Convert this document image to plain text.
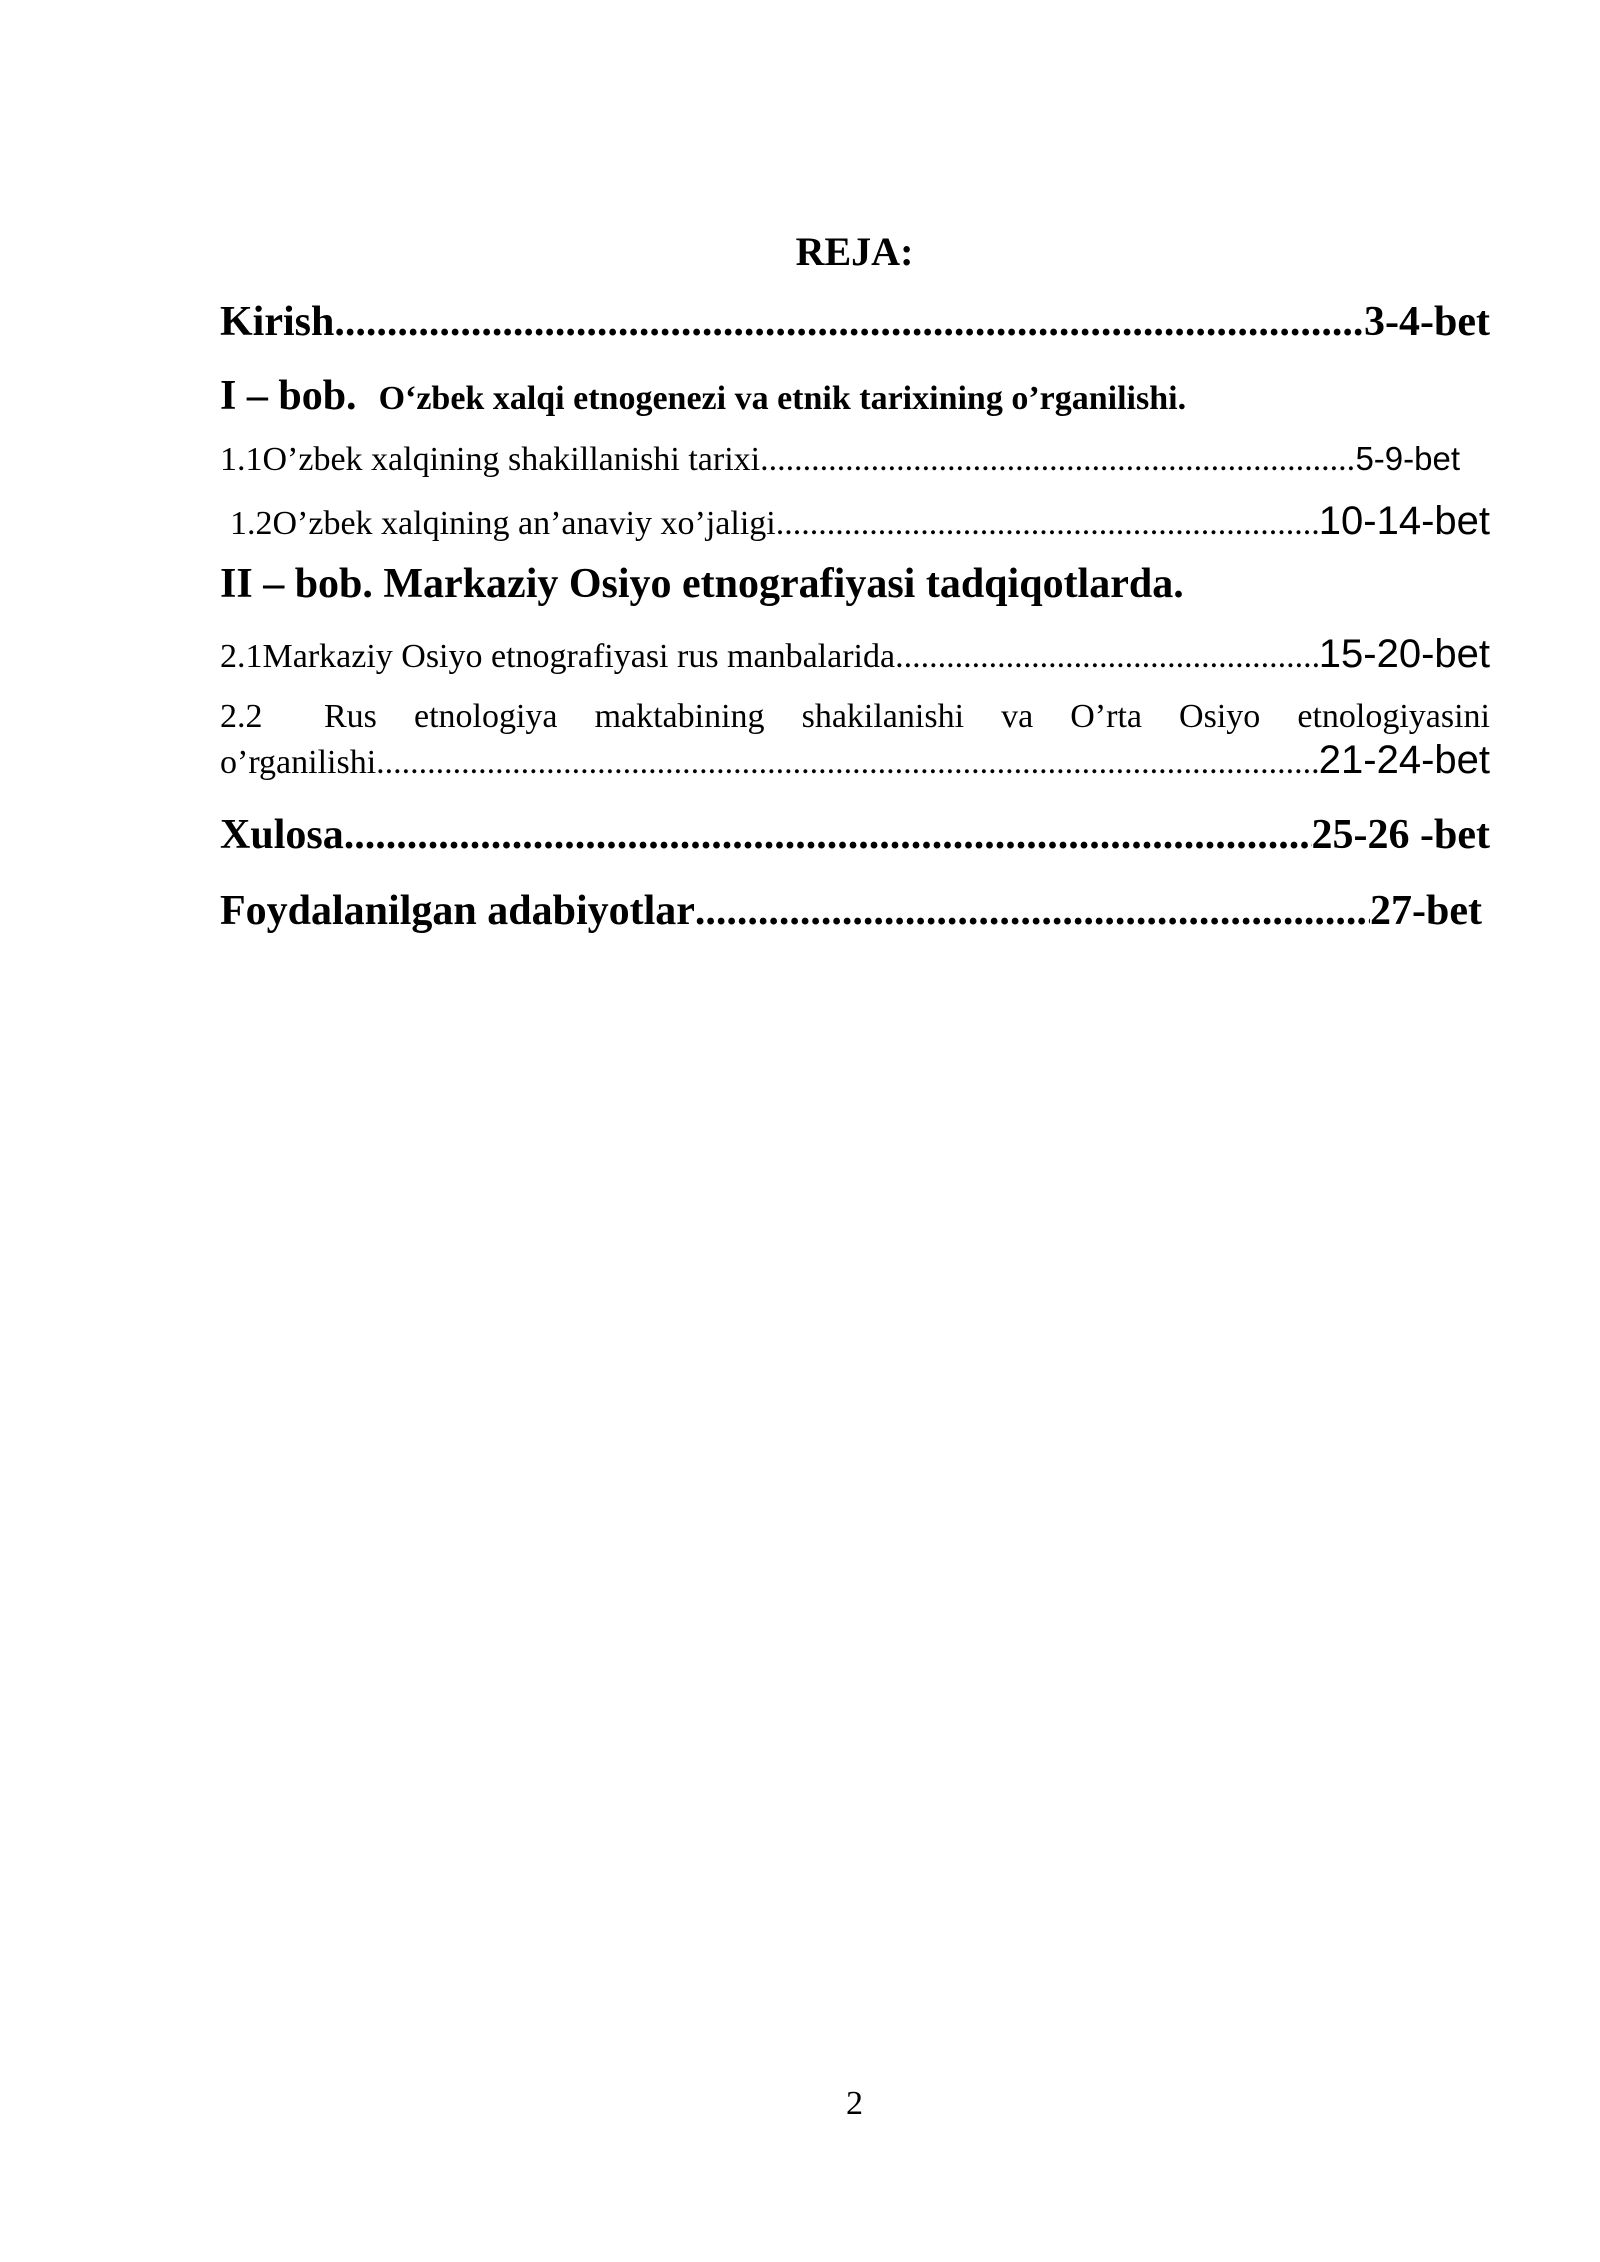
REJA:
Kirish .....	3-4-bet
I – bob. O‘zbek xalqi etnogenezi va etnik tarixining o’rganilishi.
1.1 O’zbek xalqining shakillanishi tarixi .....	5-9-bet
1.2 O’zbek xalqining an’anaviy xo’jaligi .....	10-14-bet
II – bob. Markaziy Osiyo etnografiyasi tadqiqotlarda.
2.1 Markaziy Osiyo etnografiyasi rus manbalarida .....	15-20-bet
2.2 Rus etnologiya maktabining shakilanishi va O’rta Osiyo etnologiyasini
o’rganilishi .....	21-24-bet
Xulosa .....	25-26 -bet
Foydalanilgan adabiyotlar .....	27-bet
2
